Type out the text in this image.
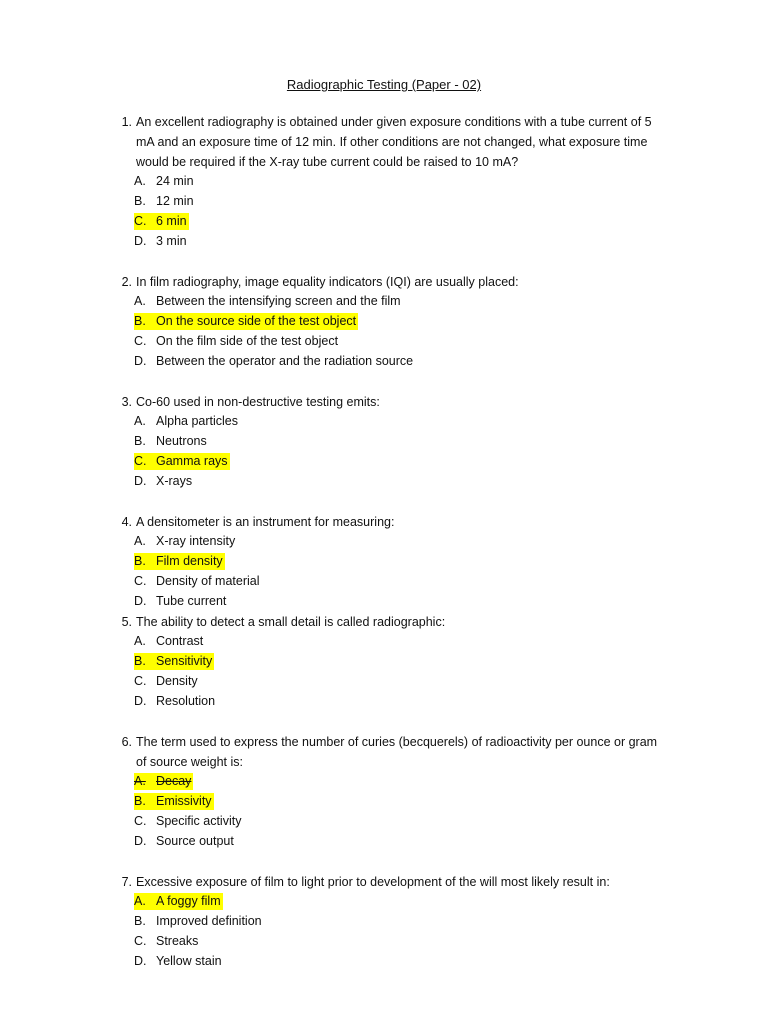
Radiographic Testing (Paper - 02)
1. An excellent radiography is obtained under given exposure conditions with a tube current of 5 mA and an exposure time of 12 min. If other conditions are not changed, what exposure time would be required if the X-ray tube current could be raised to 10 mA?
A. 24 min
B. 12 min
C. 6 min
D. 3 min
2. In film radiography, image equality indicators (IQI) are usually placed:
A. Between the intensifying screen and the film
B. On the source side of the test object
C. On the film side of the test object
D. Between the operator and the radiation source
3. Co-60 used in non-destructive testing emits:
A. Alpha particles
B. Neutrons
C. Gamma rays
D. X-rays
4. A densitometer is an instrument for measuring:
A. X-ray intensity
B. Film density
C. Density of material
D. Tube current
5. The ability to detect a small detail is called radiographic:
A. Contrast
B. Sensitivity
C. Density
D. Resolution
6. The term used to express the number of curies (becquerels) of radioactivity per ounce or gram of source weight is:
A. Decay
B. Emissivity
C. Specific activity
D. Source output
7. Excessive exposure of film to light prior to development of the will most likely result in:
A. A foggy film
B. Improved definition
C. Streaks
D. Yellow stain
